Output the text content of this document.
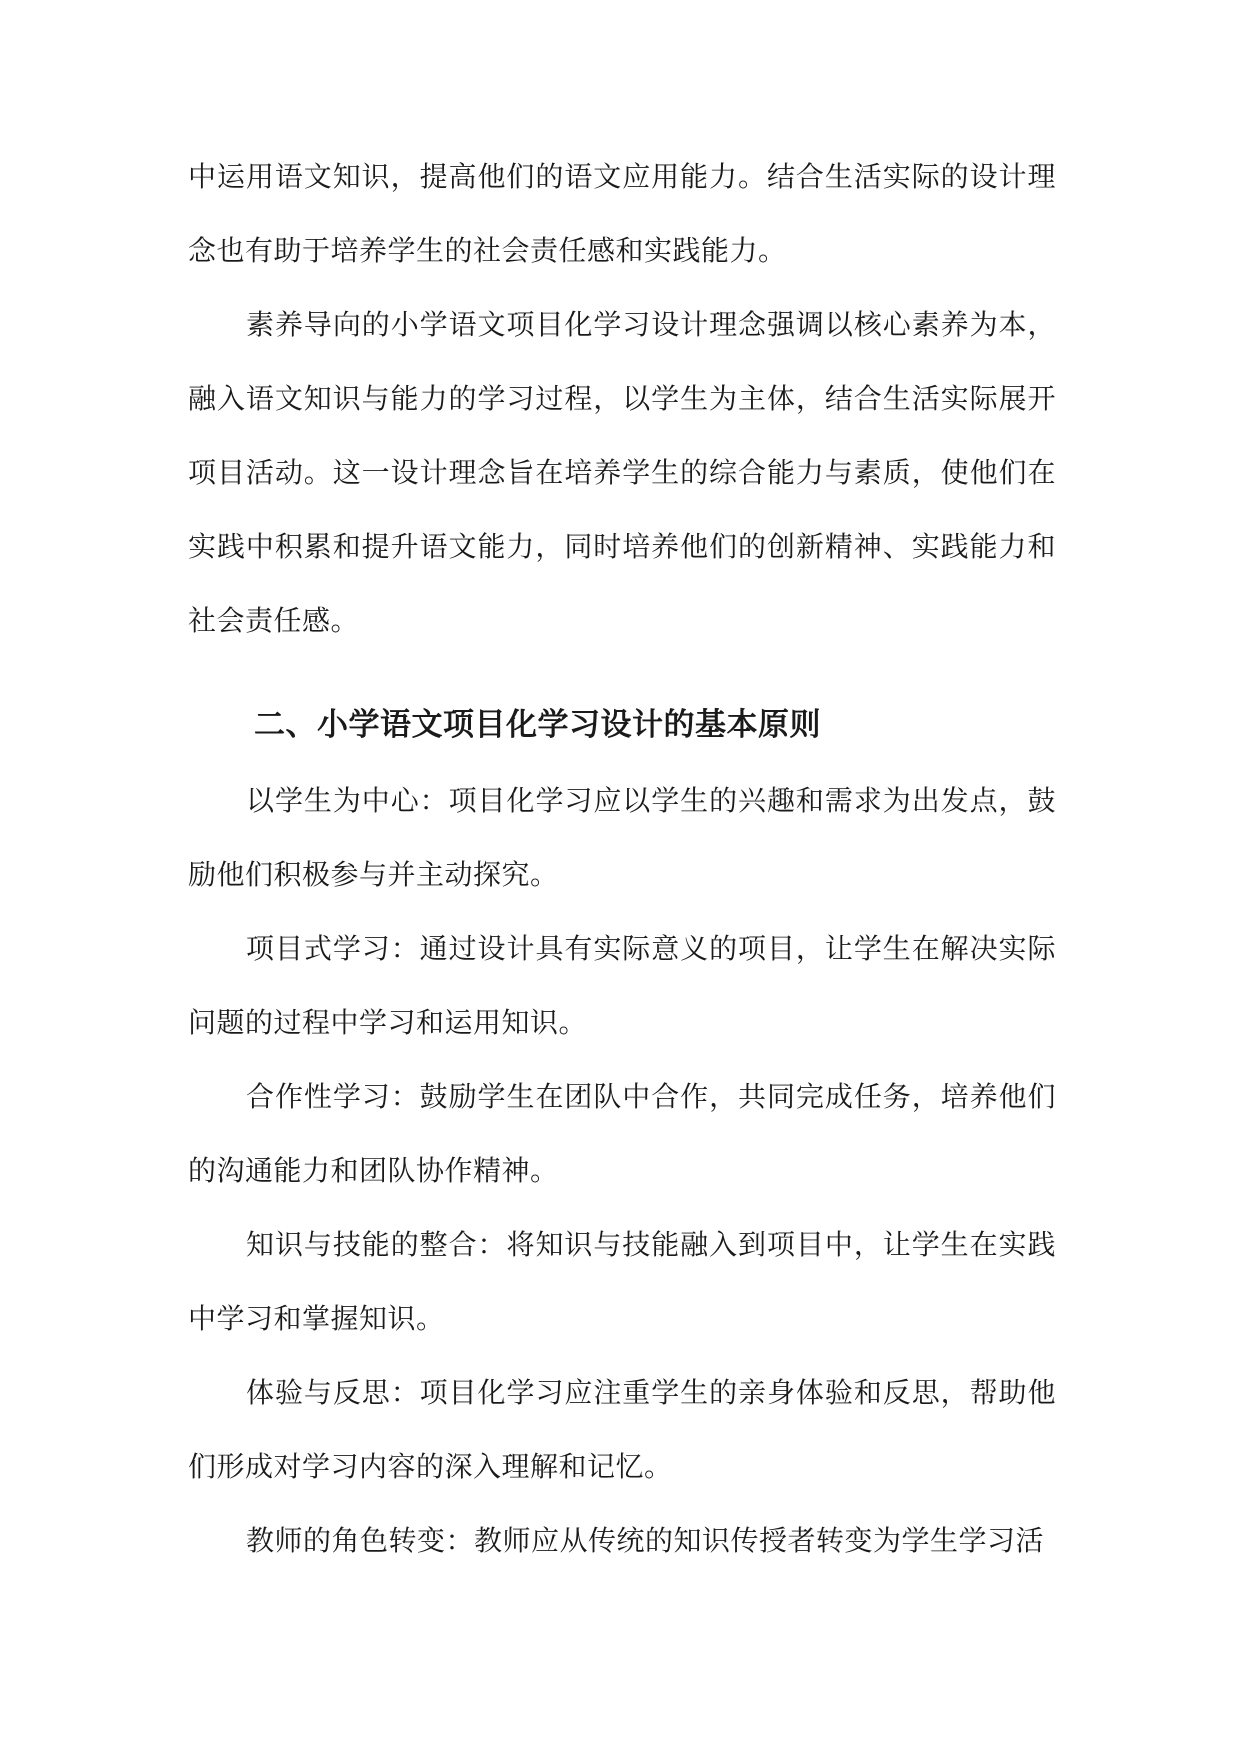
中运用语文知识，提高他们的语文应用能力。结合生活实际的设计理念也有助于培养学生的社会责任感和实践能力。

素养导向的小学语文项目化学习设计理念强调以核心素养为本，融入语文知识与能力的学习过程，以学生为主体，结合生活实际展开项目活动。这一设计理念旨在培养学生的综合能力与素质，使他们在实践中积累和提升语文能力，同时培养他们的创新精神、实践能力和社会责任感。

二、小学语文项目化学习设计的基本原则

以学生为中心：项目化学习应以学生的兴趣和需求为出发点，鼓励他们积极参与并主动探究。

项目式学习：通过设计具有实际意义的项目，让学生在解决实际问题的过程中学习和运用知识。

合作性学习：鼓励学生在团队中合作，共同完成任务，培养他们的沟通能力和团队协作精神。

知识与技能的整合：将知识与技能融入到项目中，让学生在实践中学习和掌握知识。

体验与反思：项目化学习应注重学生的亲身体验和反思，帮助他们形成对学习内容的深入理解和记忆。

教师的角色转变：教师应从传统的知识传授者转变为学生学习活
